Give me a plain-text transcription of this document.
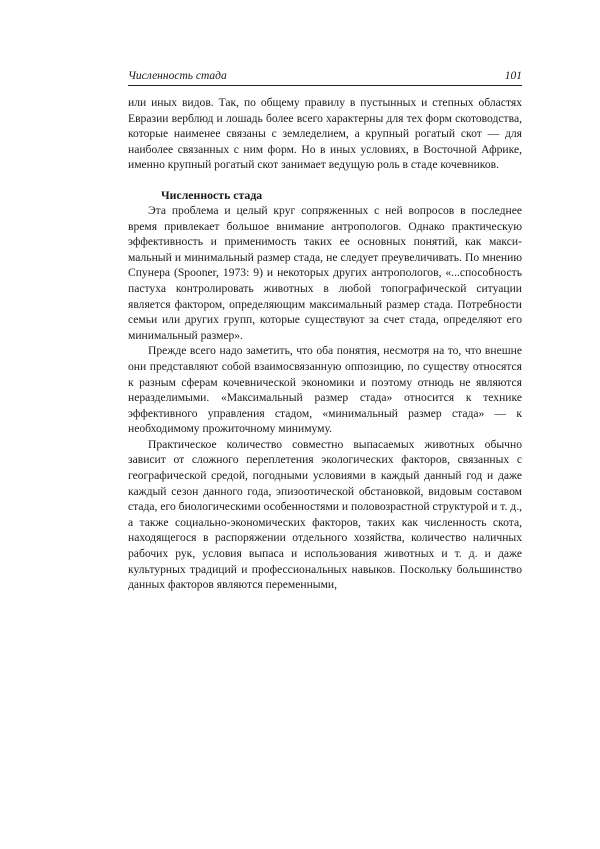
Численность стада	101

или иных видов. Так, по общему правилу в пустынных и степных областях Евразии верблюд и лошадь более всего характерны для тех форм скотоводства, которые наименее связаны с земледелием, а крупный рогатый скот — для наиболее связанных с ним форм. Но в иных условиях, в Восточной Африке, именно крупный рогатый скот занимает ведущую роль в стаде кочевников.

Численность стада

Эта проблема и целый круг сопряженных с ней вопросов в последнее время привлекает большое внимание антропологов. Однако практическую эффективность и применимость таких ее основных понятий, как максимальный и минимальный размер стада, не следует преувеличивать. По мнению Спунера (Spooner, 1973: 9) и некоторых других антропологов, «...способность пастуха контролировать животных в любой топографической ситуации является фактором, определяющим максимальный размер стада. Потребности семьи или других групп, которые существуют за счет стада, определяют его минимальный размер».

Прежде всего надо заметить, что оба понятия, несмотря на то, что внешне они представляют собой взаимосвязанную оппозицию, по существу относятся к разным сферам кочевнической экономики и поэтому отнюдь не являются неразделимыми. «Максимальный размер стада» относится к технике эффективного управления стадом, «минимальный размер стада» — к необходимому прожиточному минимуму.

Практическое количество совместно выпасаемых животных обычно зависит от сложного переплетения экологических факторов, связанных с географической средой, погодными условиями в каждый данный год и даже каждый сезон данного года, эпизоотической обстановкой, видовым составом стада, его биологическими особенностями и половозрастной структурой и т. д., а также социально-экономических факторов, таких как численность скота, находящегося в распоряжении отдельного хозяйства, количество наличных рабочих рук, условия выпаса и использования животных и т. д. и даже культурных традиций и профессиональных навыков. Поскольку большинство данных факторов являются переменными,
